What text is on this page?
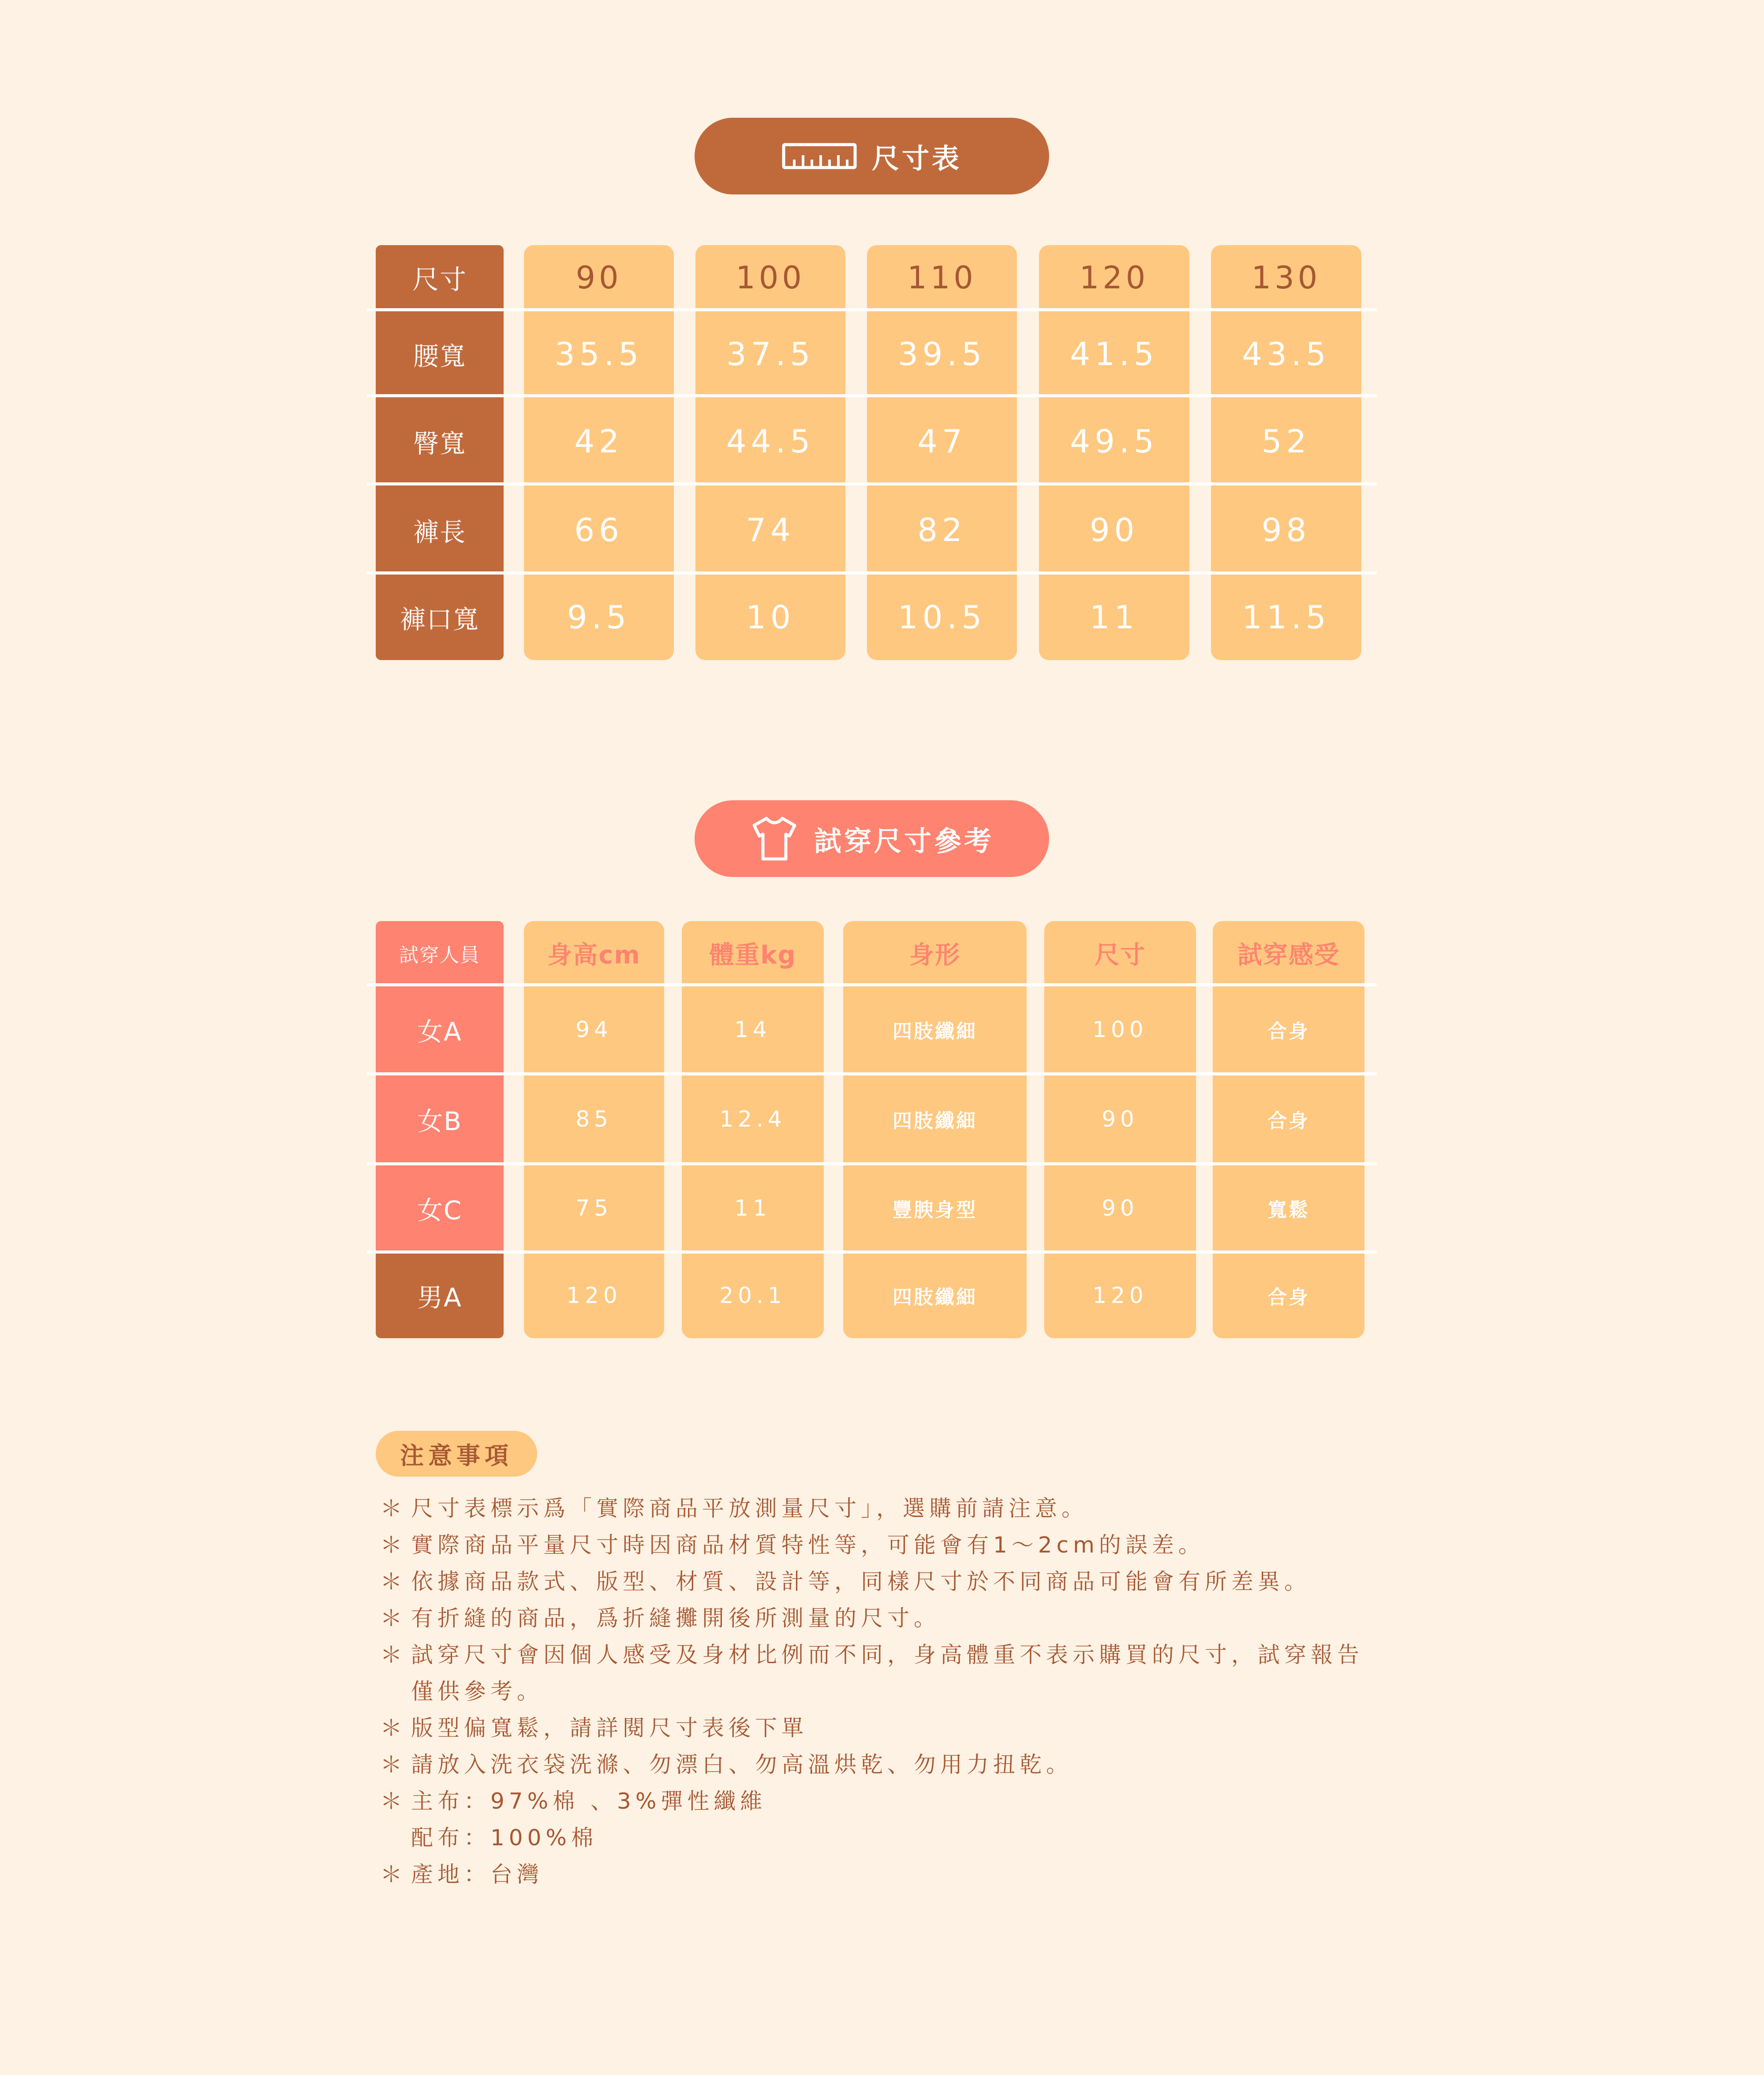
尺寸表
尺寸	90	100	110	120	130
腰寬	35.5	37.5	39.5	41.5	43.5
臀寬	42	44.5	47	49.5	52
褲長	66	74	82	90	98
褲口寬	9.5	10	10.5	11	11.5
試穿尺寸參考
試穿人員	身高cm	體重kg	身形	尺寸	試穿感受
女A	94	14	四肢纖細	100	合身
女B	85	12.4	四肢纖細	90	合身
女C	75	11	豐腴身型	90	寬鬆
男A	120	20.1	四肢纖細	120	合身
注意事項
＊ 尺寸表標示爲「實際商品平放測量尺寸」，選購前請注意。
＊ 實際商品平量尺寸時因商品材質特性等，可能會有1～2cm的誤差。
＊ 依據商品款式、版型、材質、設計等，同樣尺寸於不同商品可能會有所差異。
＊ 有折縫的商品，爲折縫攤開後所測量的尺寸。
＊ 試穿尺寸會因個人感受及身材比例而不同，身高體重不表示購買的尺寸，試穿報告
僅供參考。
＊ 版型偏寬鬆，請詳閱尺寸表後下單
＊ 請放入洗衣袋洗滌、勿漂白、勿高溫烘乾、勿用力扭乾。
＊ 主布：97%棉 、3%彈性纖維
配布：100%棉
＊ 產地：台灣
